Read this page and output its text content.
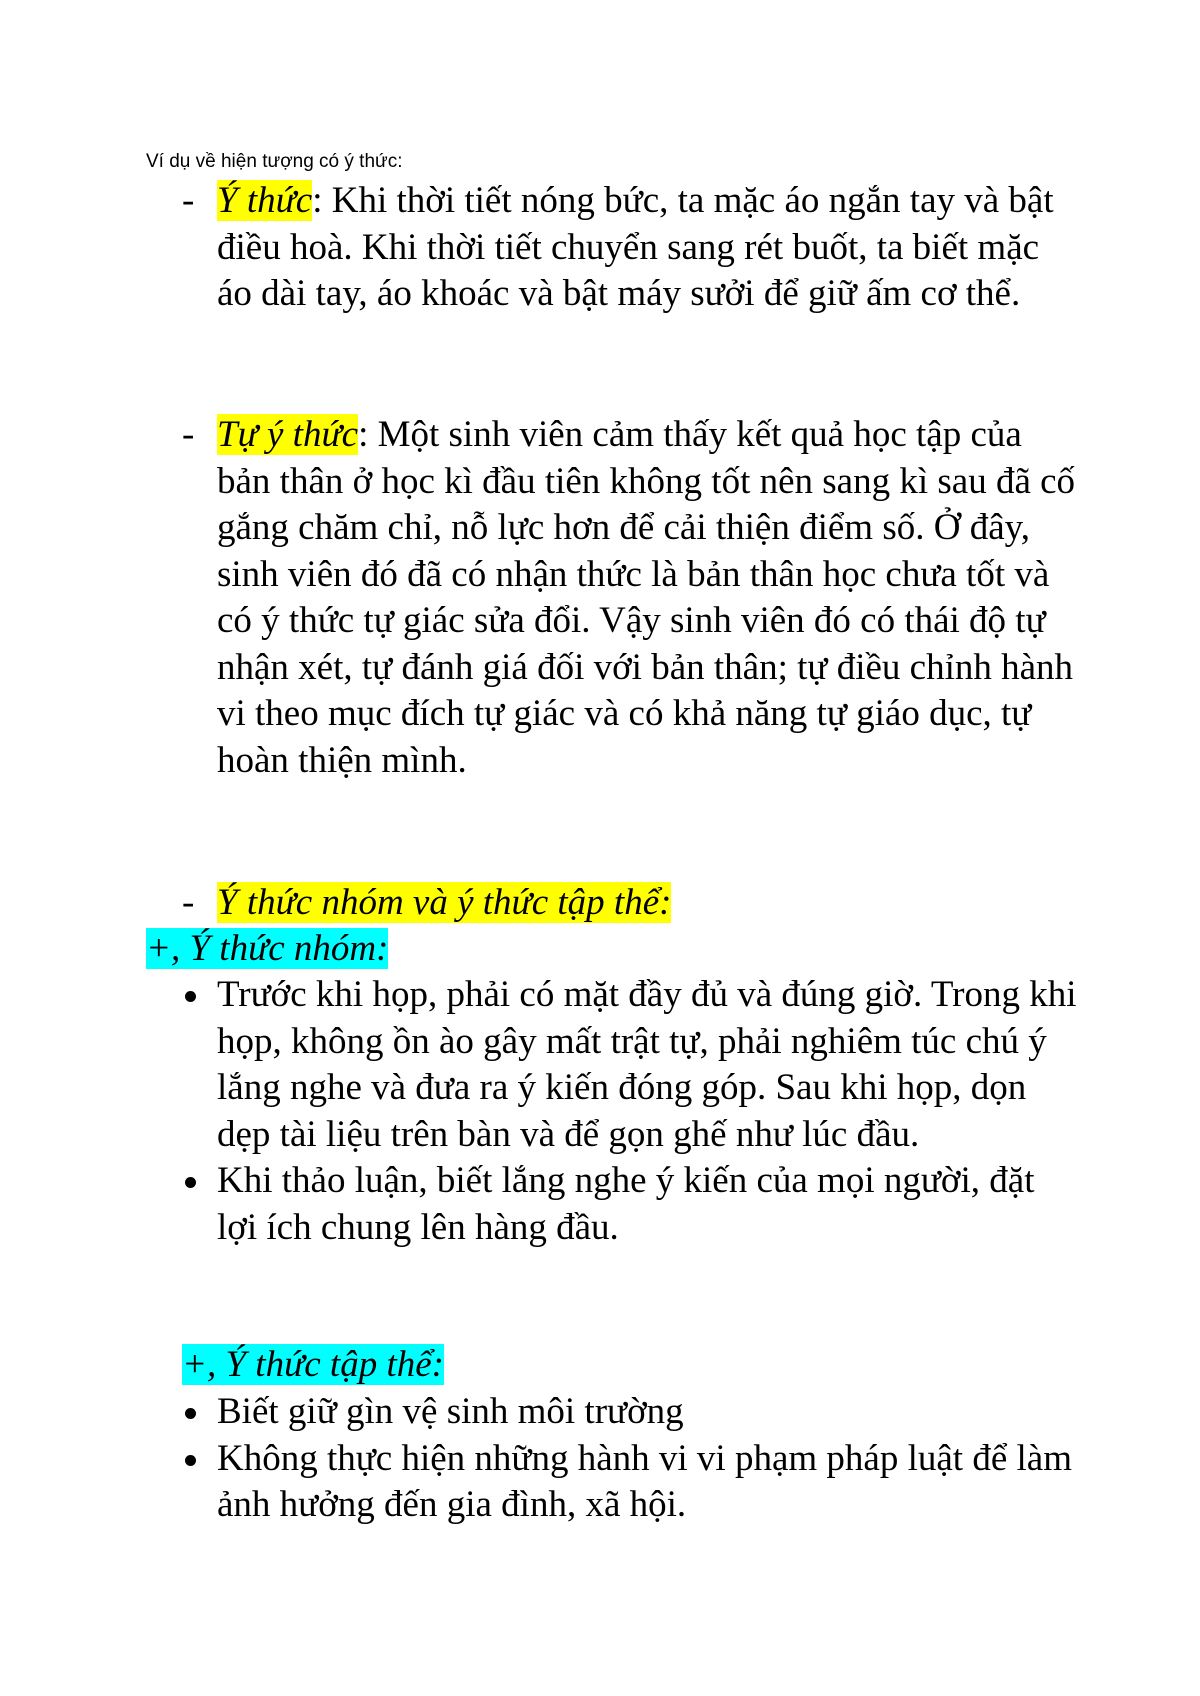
Ví dụ về hiện tượng có ý thức:
- Ý thức: Khi thời tiết nóng bức, ta mặc áo ngắn tay và bật điều hoà. Khi thời tiết chuyển sang rét buốt, ta biết mặc áo dài tay, áo khoác và bật máy sưởi để giữ ấm cơ thể.
- Tự ý thức: Một sinh viên cảm thấy kết quả học tập của bản thân ở học kì đầu tiên không tốt nên sang kì sau đã cố gắng chăm chỉ, nỗ lực hơn để cải thiện điểm số. Ở đây, sinh viên đó đã có nhận thức là bản thân học chưa tốt và có ý thức tự giác sửa đổi. Vậy sinh viên đó có thái độ tự nhận xét, tự đánh giá đối với bản thân; tự điều chỉnh hành vi theo mục đích tự giác và có khả năng tự giáo dục, tự hoàn thiện mình.
- Ý thức nhóm và ý thức tập thể:
+, Ý thức nhóm:
Trước khi họp, phải có mặt đầy đủ và đúng giờ. Trong khi họp, không ồn ào gây mất trật tự, phải nghiêm túc chú ý lắng nghe và đưa ra ý kiến đóng góp. Sau khi họp, dọn dẹp tài liệu trên bàn và để gọn ghế như lúc đầu.
Khi thảo luận, biết lắng nghe ý kiến của mọi người, đặt lợi ích chung lên hàng đầu.
+, Ý thức tập thể:
Biết giữ gìn vệ sinh môi trường
Không thực hiện những hành vi vi phạm pháp luật để làm ảnh hưởng đến gia đình, xã hội.
